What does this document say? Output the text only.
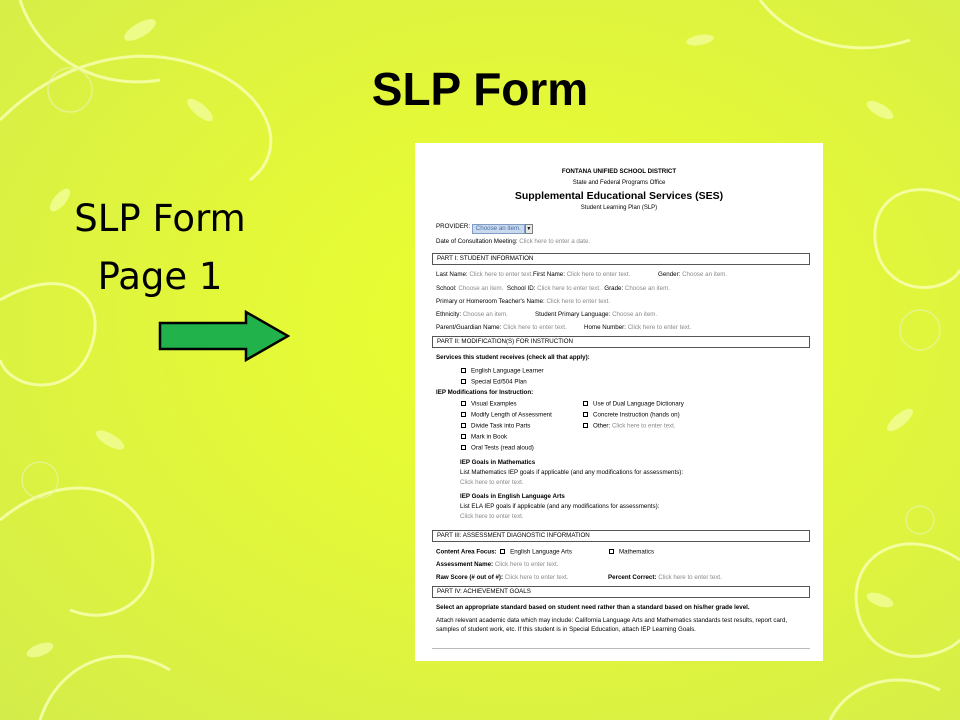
SLP Form
SLP Form
Page 1
FONTANA UNIFIED SCHOOL DISTRICT
State and Federal Programs Office
Supplemental Educational Services (SES)
Student Learning Plan (SLP)
PROVIDER: Choose an item. ▼
Date of Consultation Meeting: Click here to enter a date.
PART I: STUDENT INFORMATION
Last Name: Click here to enter text.First Name: Click here to enter text.	Gender: Choose an item.
School: Choose an item. School ID: Click here to enter text. Grade: Choose an item.
Primary or Homeroom Teacher's Name: Click here to enter text.
Ethnicity: Choose an item.	Student Primary Language: Choose an item.
Parent/Guardian Name: Click here to enter text.	Home Number: Click here to enter text.
PART II: MODIFICATION(S) FOR INSTRUCTION
Services this student receives (check all that apply):
English Language Learner
Special Ed/504 Plan
IEP Modifications for Instruction:
Visual Examples
Modify Length of Assessment
Divide Task into Parts
Mark in Book
Oral Tests (read aloud)
Use of Dual Language Dictionary
Concrete Instruction (hands on)
Other: Click here to enter text.
IEP Goals in Mathematics
List Mathematics IEP goals if applicable (and any modifications for assessments):
Click here to enter text.
IEP Goals in English Language Arts
List ELA IEP goals if applicable (and any modifications for assessments):
Click here to enter text.
PART III: ASSESSMENT DIAGNOSTIC INFORMATION
Content Area Focus: English Language Arts	Mathematics
Assessment Name: Click here to enter text.
Raw Score (# out of #): Click here to enter text.	Percent Correct: Click here to enter text.
PART IV: ACHIEVEMENT GOALS
Select an appropriate standard based on student need rather than a standard based on his/her grade level.
Attach relevant academic data which may include: California Language Arts and Mathematics standards test results, report card,
samples of student work, etc. If this student is in Special Education, attach IEP Learning Goals.
